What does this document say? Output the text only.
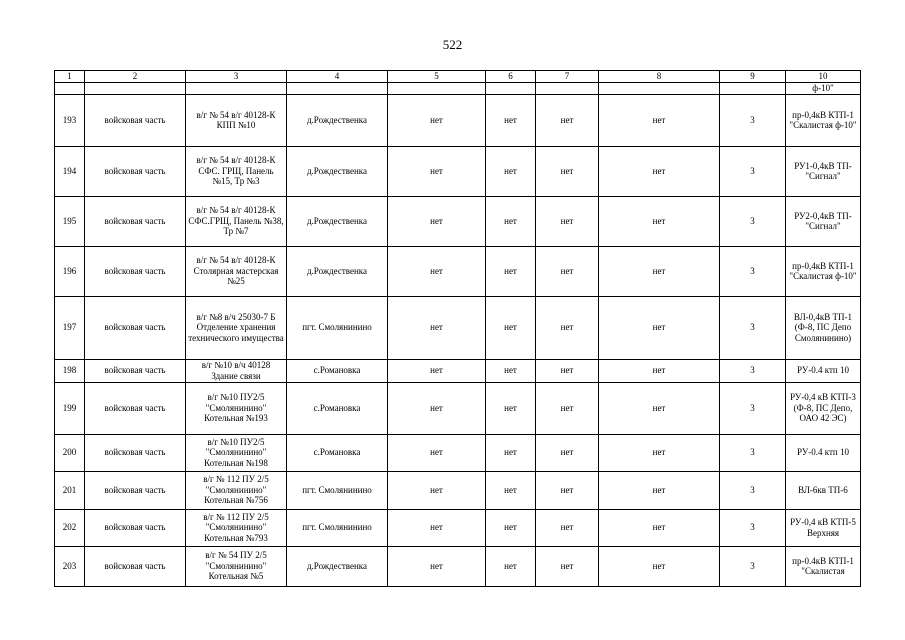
522
1	2	3	4	5	6	7	8	9	10
									ф-10"
193	войсковая часть	в/г № 54 в/г 40128-К КПП №10	д.Рождественка	нет	нет	нет	нет	3	пр-0,4кВ КТП-1 "Скалистая ф-10"
194	войсковая часть	в/г № 54 в/г 40128-К СФС. ГРЩ, Панель №15, Тр №3	д.Рождественка	нет	нет	нет	нет	3	РУ1-0,4кВ ТП-"Сигнал"
195	войсковая часть	в/г № 54 в/г 40128-К СФС.ГРЩ, Панель №38, Тр №7	д.Рождественка	нет	нет	нет	нет	3	РУ2-0,4кВ ТП-"Сигнал"
196	войсковая часть	в/г № 54 в/г 40128-К Столярная мастерская №25	д.Рождественка	нет	нет	нет	нет	3	пр-0,4кВ КТП-1 "Скалистая ф-10"
197	войсковая часть	в/г №8 в/ч 25030-7 Б Отделение хранения технического имущества	пгт. Смолянинино	нет	нет	нет	нет	3	ВЛ-0,4кВ ТП-1 (Ф-8, ПС Депо Смолянинино)
198	войсковая часть	в/г №10 в/ч 40128 Здание связи	с.Романовка	нет	нет	нет	нет	3	РУ-0.4 ктп 10
199	войсковая часть	в/г №10 ПУ2/5 "Смолянинино" Котельная №193	с.Романовка	нет	нет	нет	нет	3	РУ-0,4 кВ КТП-3 (Ф-8, ПС Депо, ОАО 42 ЭС)
200	войсковая часть	в/г №10 ПУ2/5 "Смолянинино" Котельная №198	с.Романовка	нет	нет	нет	нет	3	РУ-0.4 ктп 10
201	войсковая часть	в/г № 112 ПУ 2/5 "Смолянинино" Котельная №756	пгт. Смолянинино	нет	нет	нет	нет	3	ВЛ-6кв ТП-6
202	войсковая часть	в/г № 112 ПУ 2/5 "Смолянинино" Котельная №793	пгт. Смолянинино	нет	нет	нет	нет	3	РУ-0,4 кВ КТП-5 Верхняя
203	войсковая часть	в/г № 54 ПУ 2/5 "Смолянинино" Котельная №5	д.Рождественка	нет	нет	нет	нет	3	пр-0.4кВ КТП-1 "Скалистая
